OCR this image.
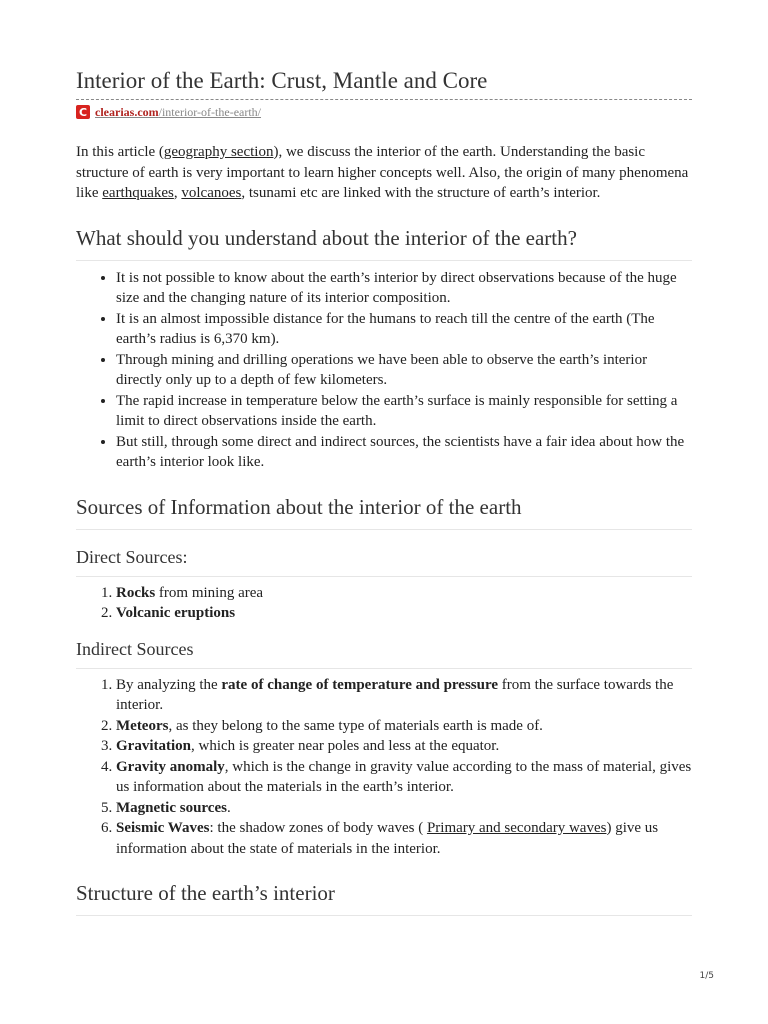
Interior of the Earth: Crust, Mantle and Core
C clearias.com/interior-of-the-earth/

In this article (geography section), we discuss the interior of the earth. Understanding the basic structure of earth is very important to learn higher concepts well. Also, the origin of many phenomena like earthquakes, volcanoes, tsunami etc are linked with the structure of earth’s interior.

What should you understand about the interior of the earth?
• It is not possible to know about the earth’s interior by direct observations because of the huge size and the changing nature of its interior composition.
• It is an almost impossible distance for the humans to reach till the centre of the earth (The earth’s radius is 6,370 km).
• Through mining and drilling operations we have been able to observe the earth’s interior directly only up to a depth of few kilometers.
• The rapid increase in temperature below the earth’s surface is mainly responsible for setting a limit to direct observations inside the earth.
• But still, through some direct and indirect sources, the scientists have a fair idea about how the earth’s interior look like.
Sources of Information about the interior of the earth
Direct Sources:
1. Rocks from mining area
2. Volcanic eruptions
Indirect Sources
1. By analyzing the rate of change of temperature and pressure from the surface towards the interior.
2. Meteors, as they belong to the same type of materials earth is made of.
3. Gravitation, which is greater near poles and less at the equator.
4. Gravity anomaly, which is the change in gravity value according to the mass of material, gives us information about the materials in the earth’s interior.
5. Magnetic sources.
6. Seismic Waves: the shadow zones of body waves ( Primary and secondary waves) give us information about the state of materials in the interior.
Structure of the earth’s interior
1/5
